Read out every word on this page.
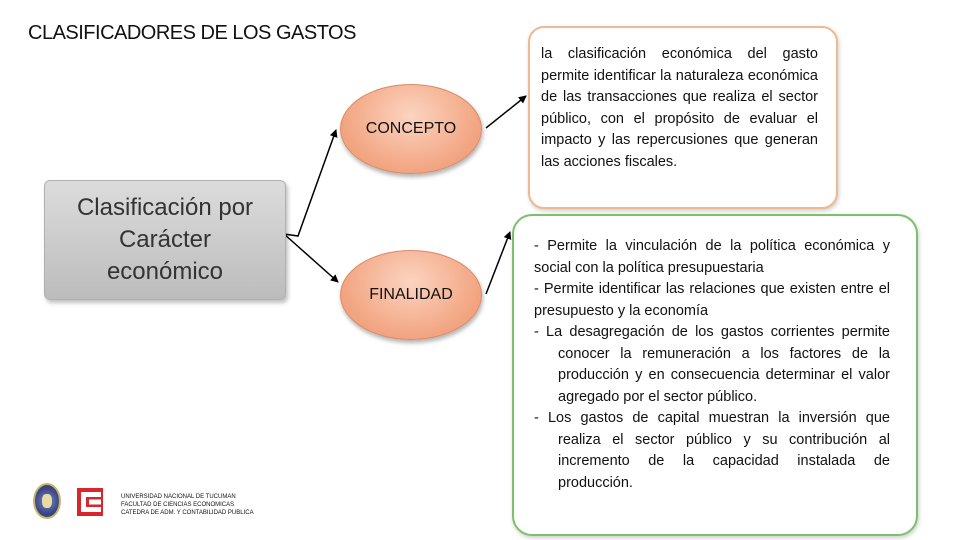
CLASIFICADORES DE LOS GASTOS
Clasificación por
Carácter
económico
CONCEPTO
FINALIDAD
la clasificación económica del gasto permite identificar la naturaleza económica de las transacciones que realiza el sector público, con el propósito de evaluar el impacto y las repercusiones que generan las acciones fiscales.
- Permite la vinculación de la política económica y social con la política presupuestaria
- Permite identificar las relaciones que existen entre el presupuesto y la economía
- La desagregación de los gastos corrientes permite conocer la remuneración a los factores de la producción y en consecuencia determinar el valor agregado por el sector público.
- Los gastos de capital muestran la inversión que realiza el sector público y su contribución al incremento de la capacidad instalada de producción.
UNIVERSIDAD NACIONAL DE TUCUMAN
FACULTAD DE CIENCIAS ECONOMICAS
CATEDRA DE ADM. Y CONTABILIDAD PUBLICA
